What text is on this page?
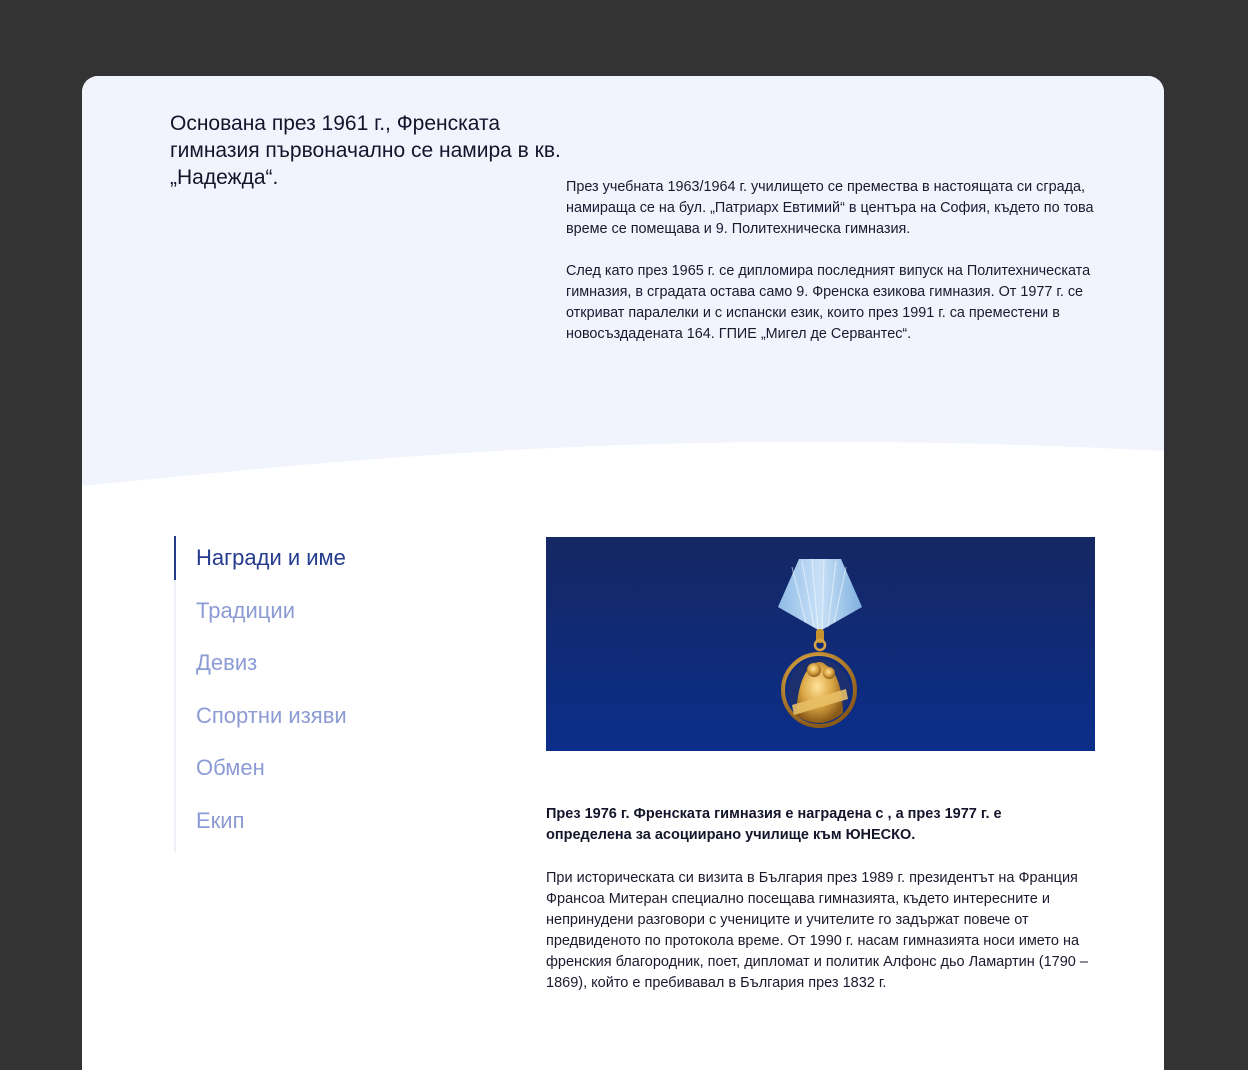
Основана през 1961 г., Френската гимназия първоначално се намира в кв.„Надежда“.	През учебната 1963/1964 г. училището се премества в настоящата си сграда, намираща се на бул. „Патриарх Евтимий“ в центъра на София, където по това време се помещава и 9. Политехническа гимназия.

След като през 1965 г. се дипломира последният випуск на Политехническата гимназия, в сградата остава само 9. Френска езикова гимназия. От 1977 г. се откриват паралелки и с испански език, които през 1991 г. са преместени в новосъздадената 164. ГПИЕ „Мигел де Сервантес“.

Награди и име
Традиции
Девиз
Спортни изяви
Обмен
Екип	През 1976 г. Френската гимназия е наградена с , а през 1977 г. е определена за асоциирано училище към ЮНЕСКО.

При историческата си визита в България през 1989 г. президентът на Франция Франсоа Митеран специално посещава гимназията, където интересните и непринудени разговори с учениците и учителите го задържат повече от предвиденото по протокола време. От 1990 г. насам гимназията носи името на френския благородник, поет, дипломат и политик Алфонс дьо Ламартин (1790 – 1869), който е пребивавал в България през 1832 г.
